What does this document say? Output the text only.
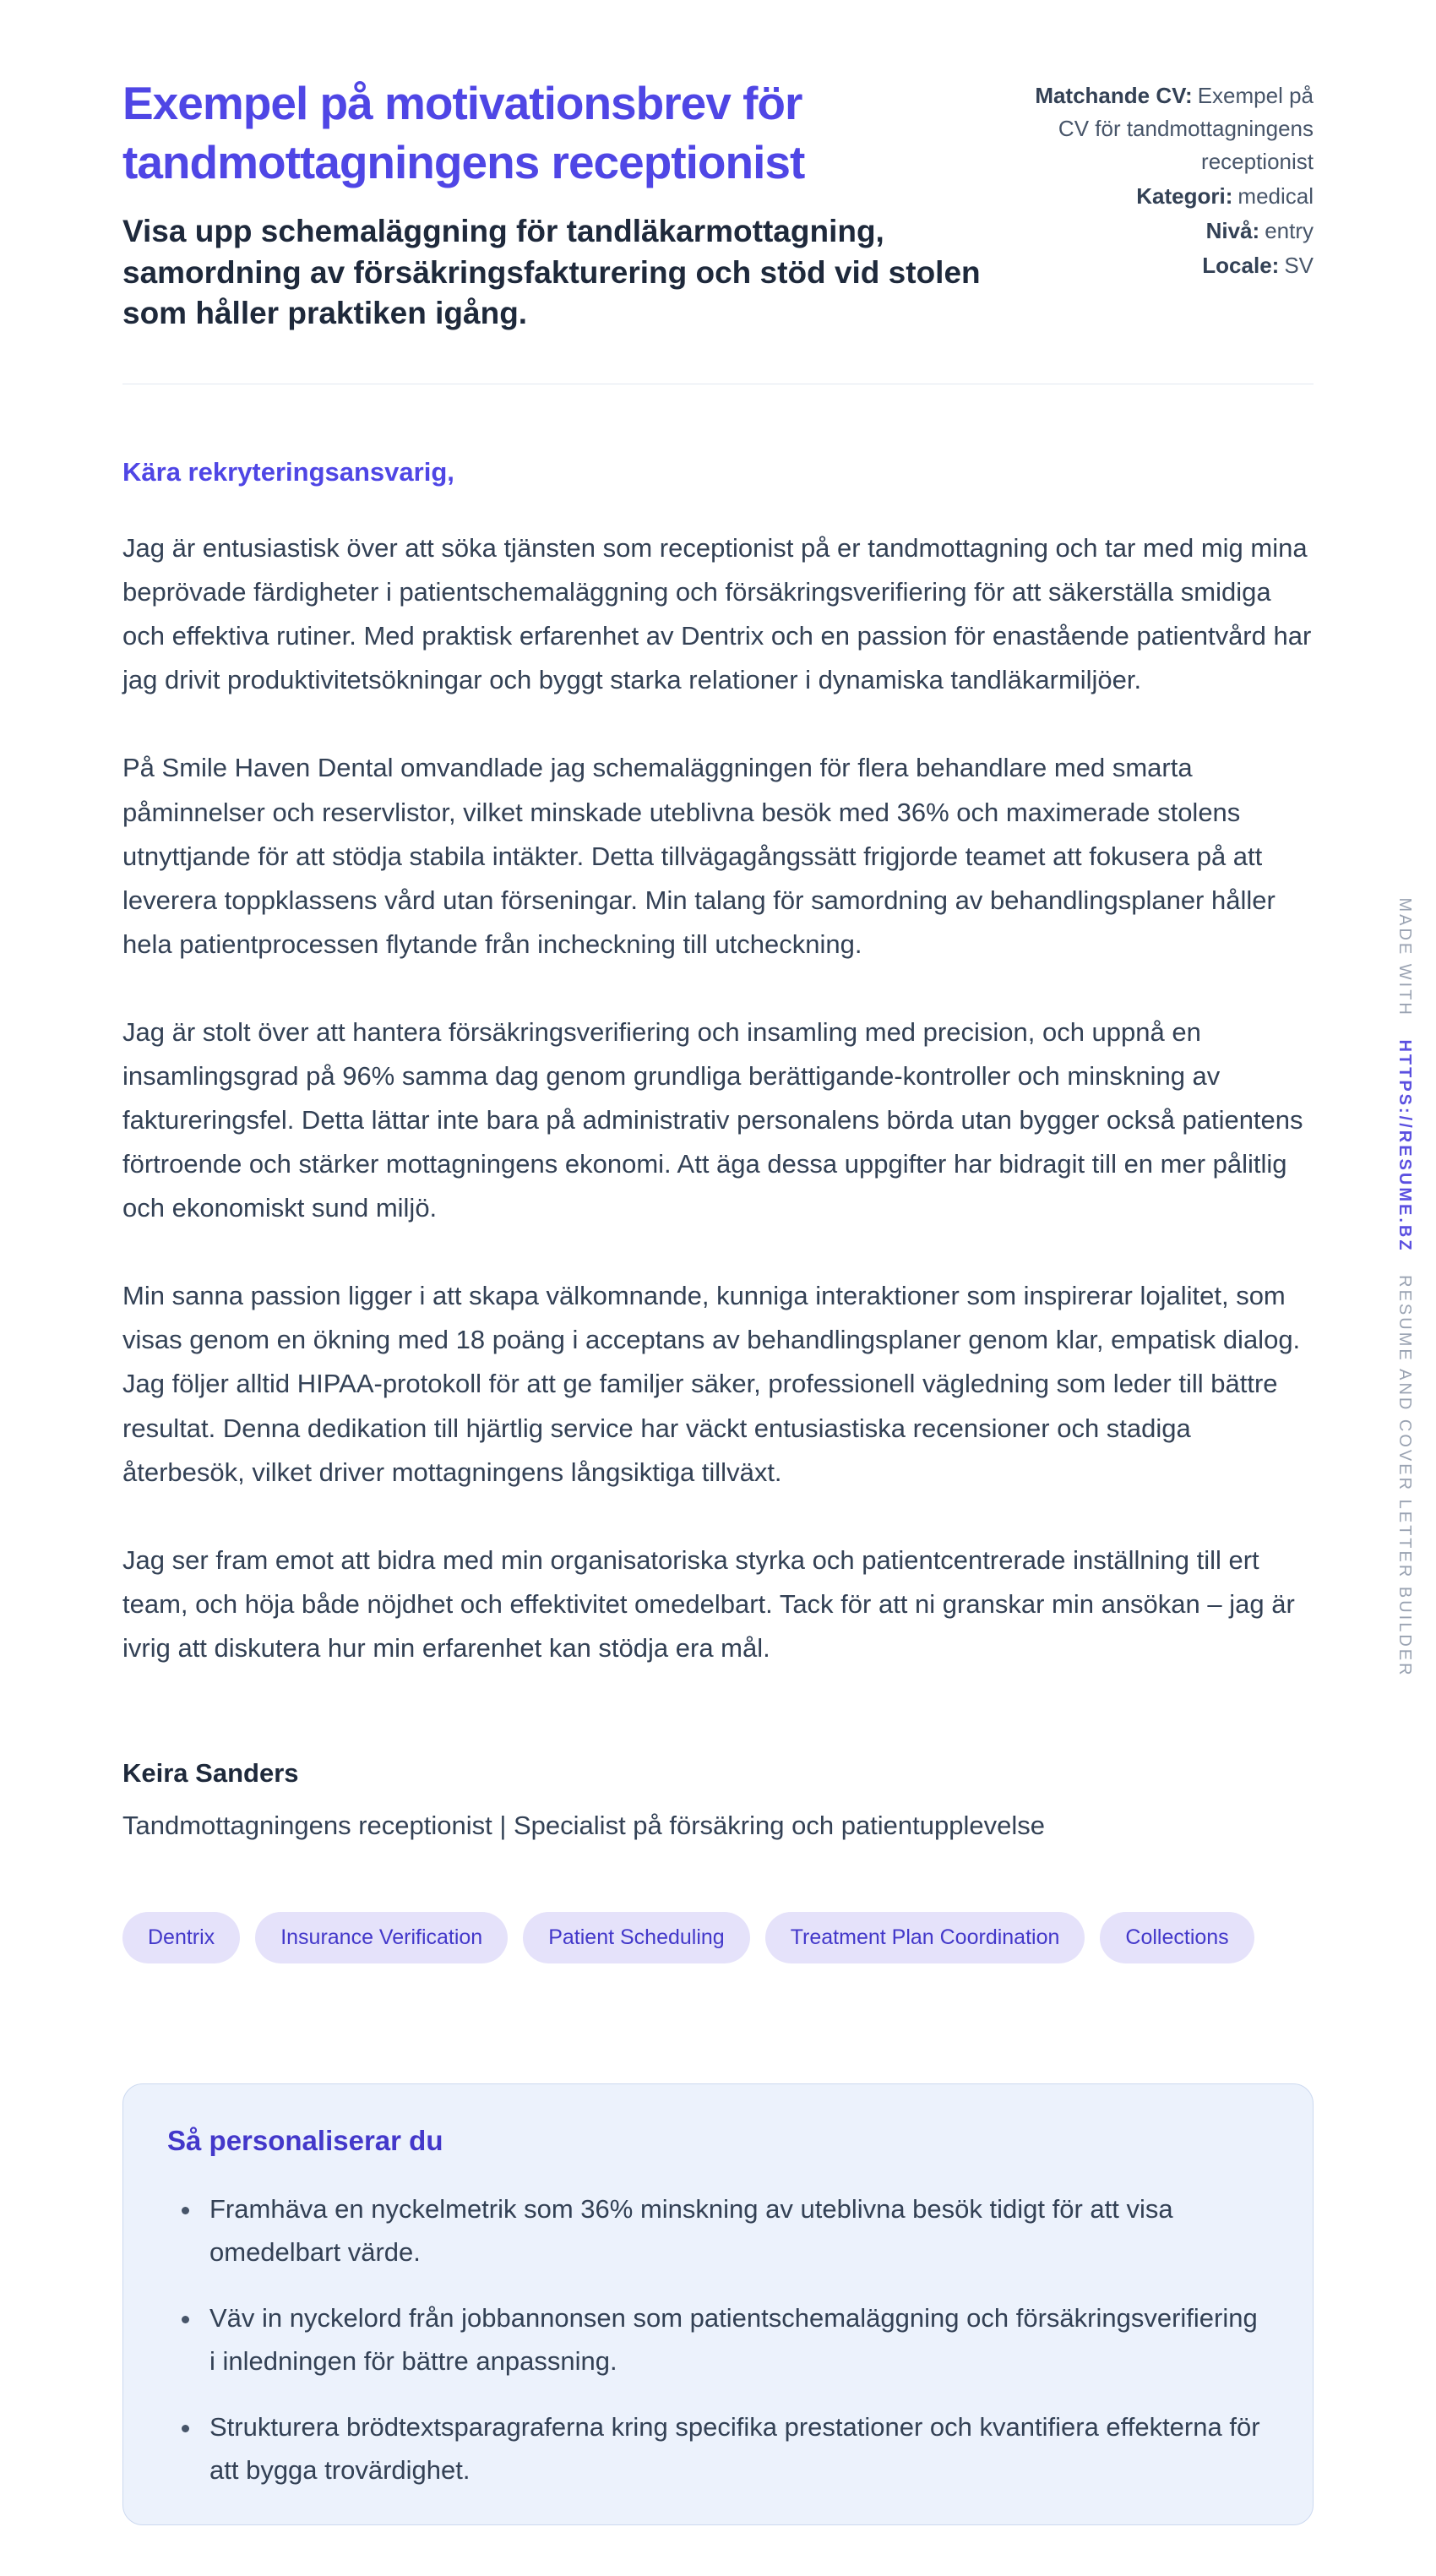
Exempel på motivationsbrev för tandmottagningens receptionist

Visa upp schemaläggning för tandläkarmottagning, samordning av försäkringsfakturering och stöd vid stolen som håller praktiken igång.

Matchande CV: Exempel på CV för tandmottagningens receptionist
Kategori: medical
Nivå: entry
Locale: SV

Kära rekryteringsansvarig,

Jag är entusiastisk över att söka tjänsten som receptionist på er tandmottagning och tar med mig mina beprövade färdigheter i patientschemaläggning och försäkringsverifiering för att säkerställa smidiga och effektiva rutiner. Med praktisk erfarenhet av Dentrix och en passion för enastående patientvård har jag drivit produktivitetsökningar och byggt starka relationer i dynamiska tandläkarmiljöer.

På Smile Haven Dental omvandlade jag schemaläggningen för flera behandlare med smarta påminnelser och reservlistor, vilket minskade uteblivna besök med 36% och maximerade stolens utnyttjande för att stödja stabila intäkter. Detta tillvägagångssätt frigjorde teamet att fokusera på att leverera toppklassens vård utan förseningar. Min talang för samordning av behandlingsplaner håller hela patientprocessen flytande från incheckning till utcheckning.

Jag är stolt över att hantera försäkringsverifiering och insamling med precision, och uppnå en insamlingsgrad på 96% samma dag genom grundliga berättigande-kontroller och minskning av faktureringsfel. Detta lättar inte bara på administrativ personalens börda utan bygger också patientens förtroende och stärker mottagningens ekonomi. Att äga dessa uppgifter har bidragit till en mer pålitlig och ekonomiskt sund miljö.

Min sanna passion ligger i att skapa välkomnande, kunniga interaktioner som inspirerar lojalitet, som visas genom en ökning med 18 poäng i acceptans av behandlingsplaner genom klar, empatisk dialog. Jag följer alltid HIPAA-protokoll för att ge familjer säker, professionell vägledning som leder till bättre resultat. Denna dedikation till hjärtlig service har väckt entusiastiska recensioner och stadiga återbesök, vilket driver mottagningens långsiktiga tillväxt.

Jag ser fram emot att bidra med min organisatoriska styrka och patientcentrerade inställning till ert team, och höja både nöjdhet och effektivitet omedelbart. Tack för att ni granskar min ansökan – jag är ivrig att diskutera hur min erfarenhet kan stödja era mål.

Keira Sanders
Tandmottagningens receptionist | Specialist på försäkring och patientupplevelse
Dentrix	Insurance Verification	Patient Scheduling	Treatment Plan Coordination	Collections
Så personaliserar du
• Framhäva en nyckelmetrik som 36% minskning av uteblivna besök tidigt för att visa omedelbart värde.
• Väv in nyckelord från jobbannonsen som patientschemaläggning och försäkringsverifiering i inledningen för bättre anpassning.
• Strukturera brödtextsparagraferna kring specifika prestationer och kvantifiera effekterna för att bygga trovärdighet.
MADE WITH HTTPS://RESUME.BZ RESUME AND COVER LETTER BUILDER
